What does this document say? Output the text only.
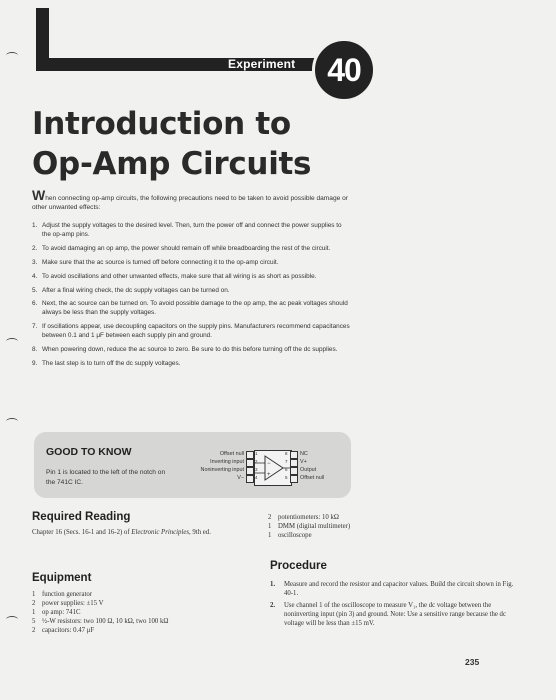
Experiment 40
Introduction to
Op-Amp Circuits
When connecting op-amp circuits, the following precautions need to be taken to avoid possible damage or other unwanted effects:
1. Adjust the supply voltages to the desired level. Then, turn the power off and connect the power supplies to the op-amp pins.
2. To avoid damaging an op amp, the power should remain off while breadboarding the rest of the circuit.
3. Make sure that the ac source is turned off before connecting it to the op-amp circuit.
4. To avoid oscillations and other unwanted effects, make sure that all wiring is as short as possible.
5. After a final wiring check, the dc supply voltages can be turned on.
6. Next, the ac source can be turned on. To avoid possible damage to the op amp, the ac peak voltages should always be less than the supply voltages.
7. If oscillations appear, use decoupling capacitors on the supply pins. Manufacturers recommend capacitances between 0.1 and 1 μF between each supply pin and ground.
8. When powering down, reduce the ac source to zero. Be sure to do this before turning off the dc supplies.
9. The last step is to turn off the dc supply voltages.
GOOD TO KNOW
Pin 1 is located to the left of the notch on the 741C IC.
−
+
Offset null
Inverting input
Noninverting input
V−
1
2
3
4
8
7
6
5
NC
V+
Output
Offset null
Required Reading
Chapter 16 (Secs. 16-1 and 16-2) of Electronic Principles, 9th ed.
Equipment
1 function generator
2 power supplies: ±15 V
1 op amp: 741C
5 ½-W resistors: two 100 Ω, 10 kΩ, two 100 kΩ
2 capacitors: 0.47 μF
2 potentiometers: 10 kΩ
1 DMM (digital multimeter)
1 oscilloscope
Procedure
1.	Measure and record the resistor and capacitor values. Build the circuit shown in Fig. 40-1.
2.	Use channel 1 of the oscilloscope to measure V₁, the dc voltage between the noninverting input (pin 3) and ground. Note: Use a sensitive range because the dc voltage will be less than ±15 mV.
235
